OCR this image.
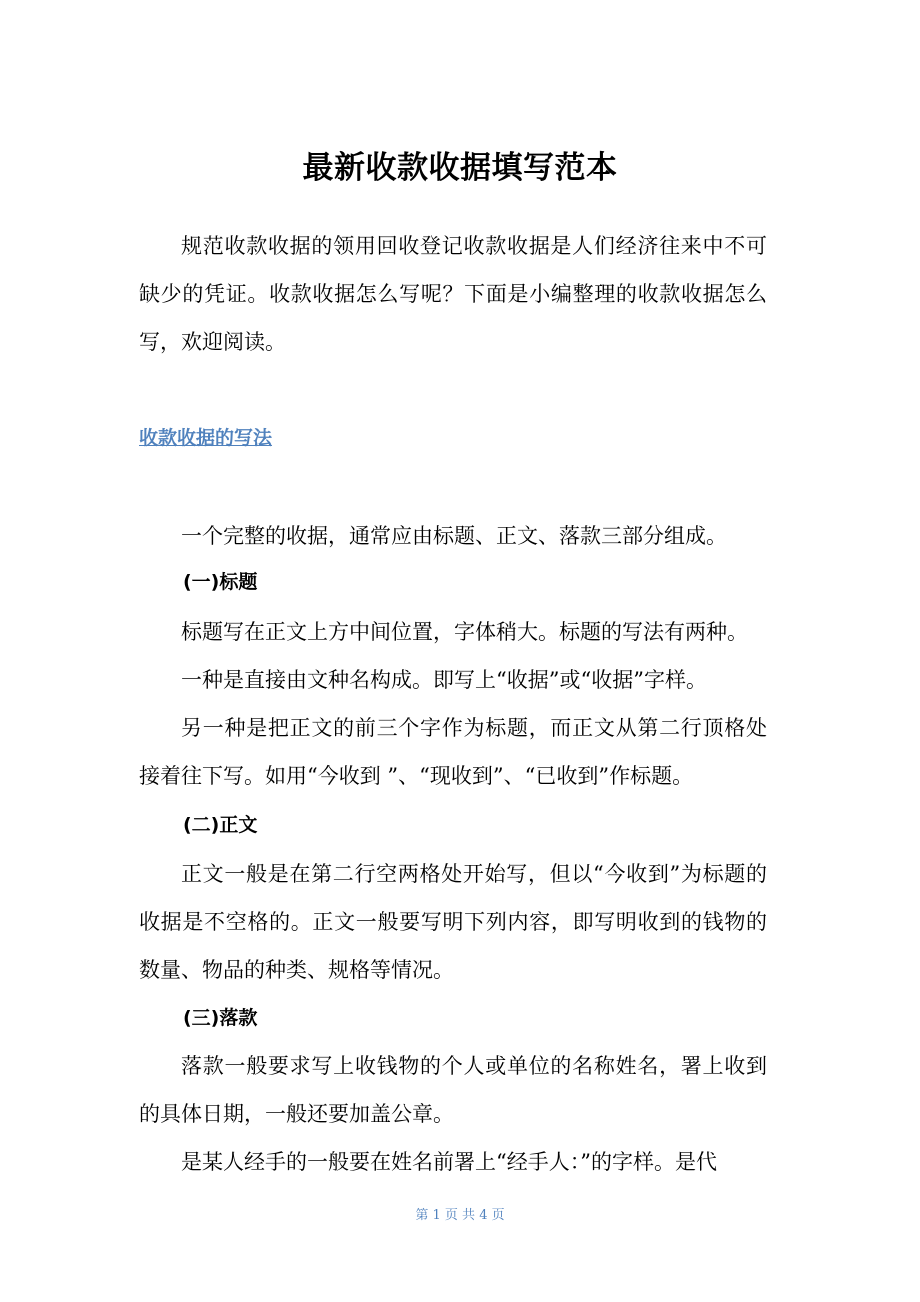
最新收款收据填写范本

规范收款收据的领用回收登记收款收据是人们经济往来中不可缺少的凭证。收款收据怎么写呢？下面是小编整理的收款收据怎么写，欢迎阅读。

收款收据的写法

一个完整的收据，通常应由标题、正文、落款三部分组成。

(一)标题

标题写在正文上方中间位置，字体稍大。标题的写法有两种。

一种是直接由文种名构成。即写上“收据”或“收据”字样。

另一种是把正文的前三个字作为标题，而正文从第二行顶格处接着往下写。如用“今收到 ”、“现收到”、“已收到”作标题。

(二)正文

正文一般是在第二行空两格处开始写，但以“今收到”为标题的收据是不空格的。正文一般要写明下列内容，即写明收到的钱物的数量、物品的种类、规格等情况。

(三)落款

落款一般要求写上收钱物的个人或单位的名称姓名，署上收到的具体日期，一般还要加盖公章。

是某人经手的一般要在姓名前署上“经手人：”的字样。是代

第 1 页 共 4 页
